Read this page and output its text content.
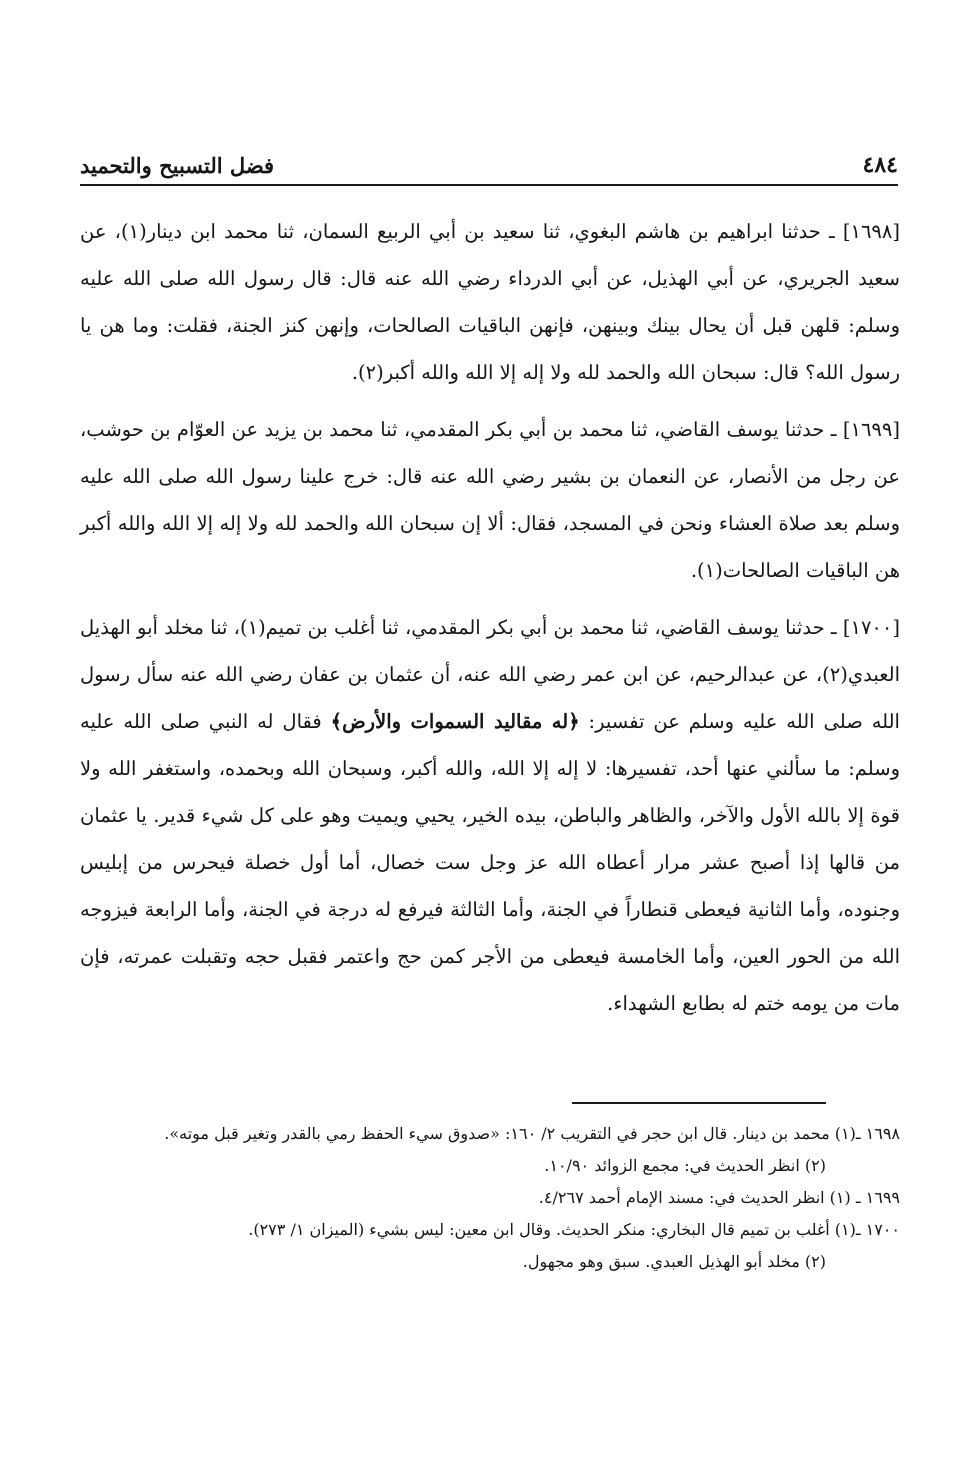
٤٨٤
فضل التسبيح والتحميد

[١٦٩٨] ـ حدثنا ابراهيم بن هاشم البغوي، ثنا سعيد بن أبي الربيع السمان، ثنا محمد ابن دينار(١)، عن سعيد الجريري، عن أبي الهذيل، عن أبي الدرداء رضي الله عنه قال: قال رسول الله صلى الله عليه وسلم: قلهن قبل أن يحال بينك وبينهن، فإنهن الباقيات الصالحات، وإنهن كنز الجنة، فقلت: وما هن يا رسول الله؟ قال: سبحان الله والحمد لله ولا إله إلا الله والله أكبر(٢).

[١٦٩٩] ـ حدثنا يوسف القاضي، ثنا محمد بن أبي بكر المقدمي، ثنا محمد بن يزيد عن العوّام بن حوشب، عن رجل من الأنصار، عن النعمان بن بشير رضي الله عنه قال: خرج علينا رسول الله صلى الله عليه وسلم بعد صلاة العشاء ونحن في المسجد، فقال: ألا إن سبحان الله والحمد لله ولا إله إلا الله والله أكبر هن الباقيات الصالحات(١).

[١٧٠٠] ـ حدثنا يوسف القاضي، ثنا محمد بن أبي بكر المقدمي، ثنا أغلب بن تميم(١)، ثنا مخلد أبو الهذيل العبدي(٢)، عن عبدالرحيم، عن ابن عمر رضي الله عنه، أن عثمان بن عفان رضي الله عنه سأل رسول الله صلى الله عليه وسلم عن تفسير: ﴿له مقاليد السموات والأرض﴾ فقال له النبي صلى الله عليه وسلم: ما سألني عنها أحد، تفسيرها: لا إله إلا الله، والله أكبر، وسبحان الله وبحمده، واستغفر الله ولا قوة إلا بالله الأول والآخر، والظاهر والباطن، بيده الخير، يحيي ويميت وهو على كل شيء قدير. يا عثمان من قالها إذا أصبح عشر مرار أعطاه الله عز وجل ست خصال، أما أول خصلة فيحرس من إبليس وجنوده، وأما الثانية فيعطى قنطاراً في الجنة، وأما الثالثة فيرفع له درجة في الجنة، وأما الرابعة فيزوجه الله من الحور العين، وأما الخامسة فيعطى من الأجر كمن حج واعتمر فقبل حجه وتقبلت عمرته، فإن مات من يومه ختم له بطابع الشهداء.

١٦٩٨ ـ(١) محمد بن دينار. قال ابن حجر في التقريب ٢/ ١٦٠: «صدوق سيء الحفظ رمي بالقدر وتغير قبل موته».

(٢) انظر الحديث في: مجمع الزوائد ١٠/٩٠.

١٦٩٩ ـ (١) انظر الحديث في: مسند الإمام أحمد ٤/٢٦٧.

١٧٠٠ ـ(١) أغلب بن تميم قال البخاري: منكر الحديث. وقال ابن معين: ليس بشيء (الميزان ١/ ٢٧٣).

(٢) مخلد أبو الهذيل العبدي. سبق وهو مجهول.
